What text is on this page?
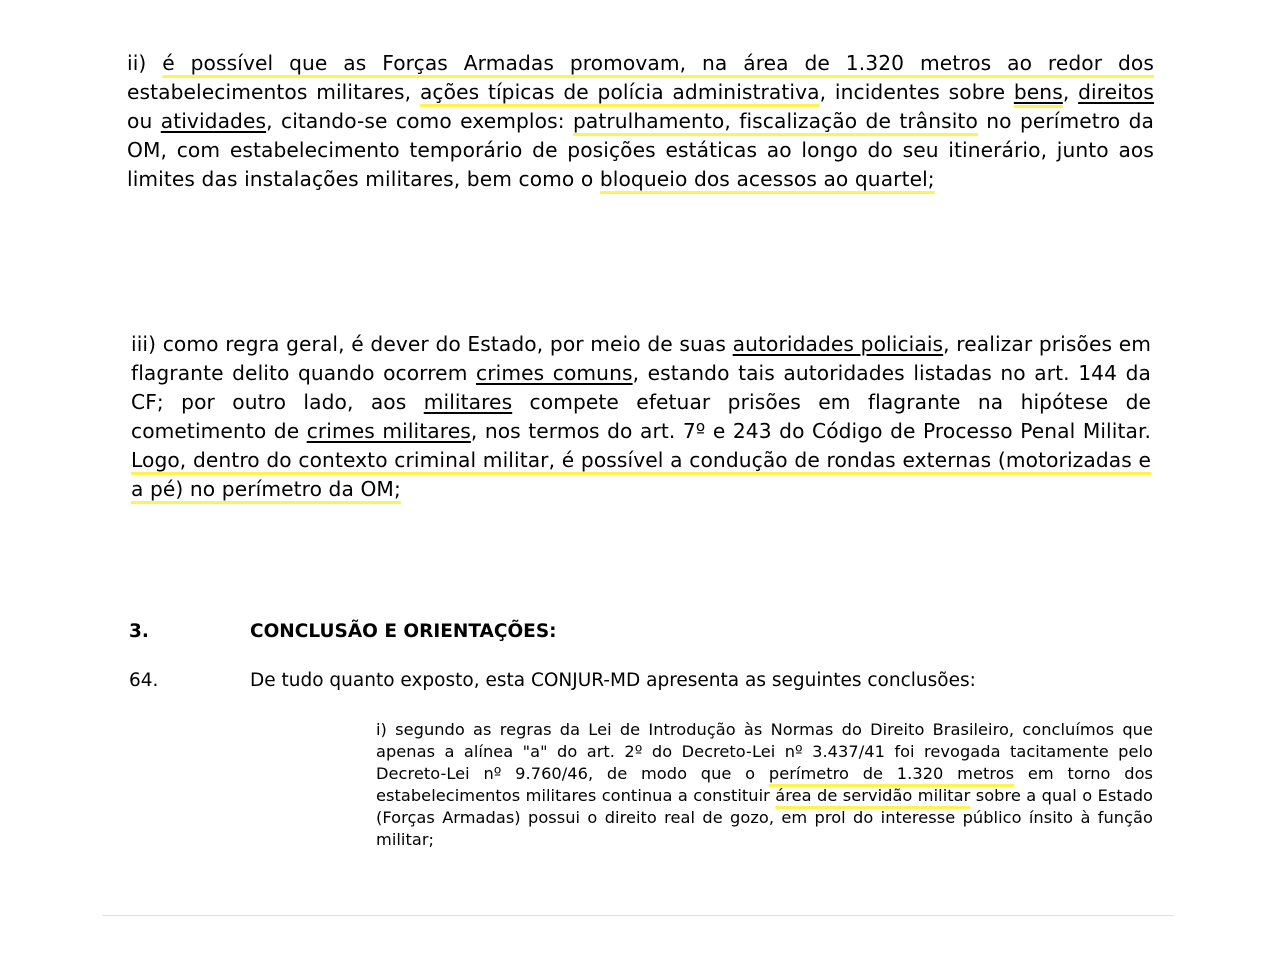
ii) é possível que as Forças Armadas promovam, na área de 1.320 metros ao redor dos estabelecimentos militares, ações típicas de polícia administrativa, incidentes sobre bens, direitos ou atividades, citando-se como exemplos: patrulhamento, fiscalização de trânsito no perímetro da OM, com estabelecimento temporário de posições estáticas ao longo do seu itinerário, junto aos limites das instalações militares, bem como o bloqueio dos acessos ao quartel;

iii) como regra geral, é dever do Estado, por meio de suas autoridades policiais, realizar prisões em flagrante delito quando ocorrem crimes comuns, estando tais autoridades listadas no art. 144 da CF; por outro lado, aos militares compete efetuar prisões em flagrante na hipótese de cometimento de crimes militares, nos termos do art. 7º e 243 do Código de Processo Penal Militar. Logo, dentro do contexto criminal militar, é possível a condução de rondas externas (motorizadas e a pé) no perímetro da OM;

3.	CONCLUSÃO E ORIENTAÇÕES:
64.	De tudo quanto exposto, esta CONJUR-MD apresenta as seguintes conclusões:

i) segundo as regras da Lei de Introdução às Normas do Direito Brasileiro, concluímos que apenas a alínea "a" do art. 2º do Decreto-Lei nº 3.437/41 foi revogada tacitamente pelo Decreto-Lei nº 9.760/46, de modo que o perímetro de 1.320 metros em torno dos estabelecimentos militares continua a constituir área de servidão militar sobre a qual o Estado (Forças Armadas) possui o direito real de gozo, em prol do interesse público ínsito à função militar;
